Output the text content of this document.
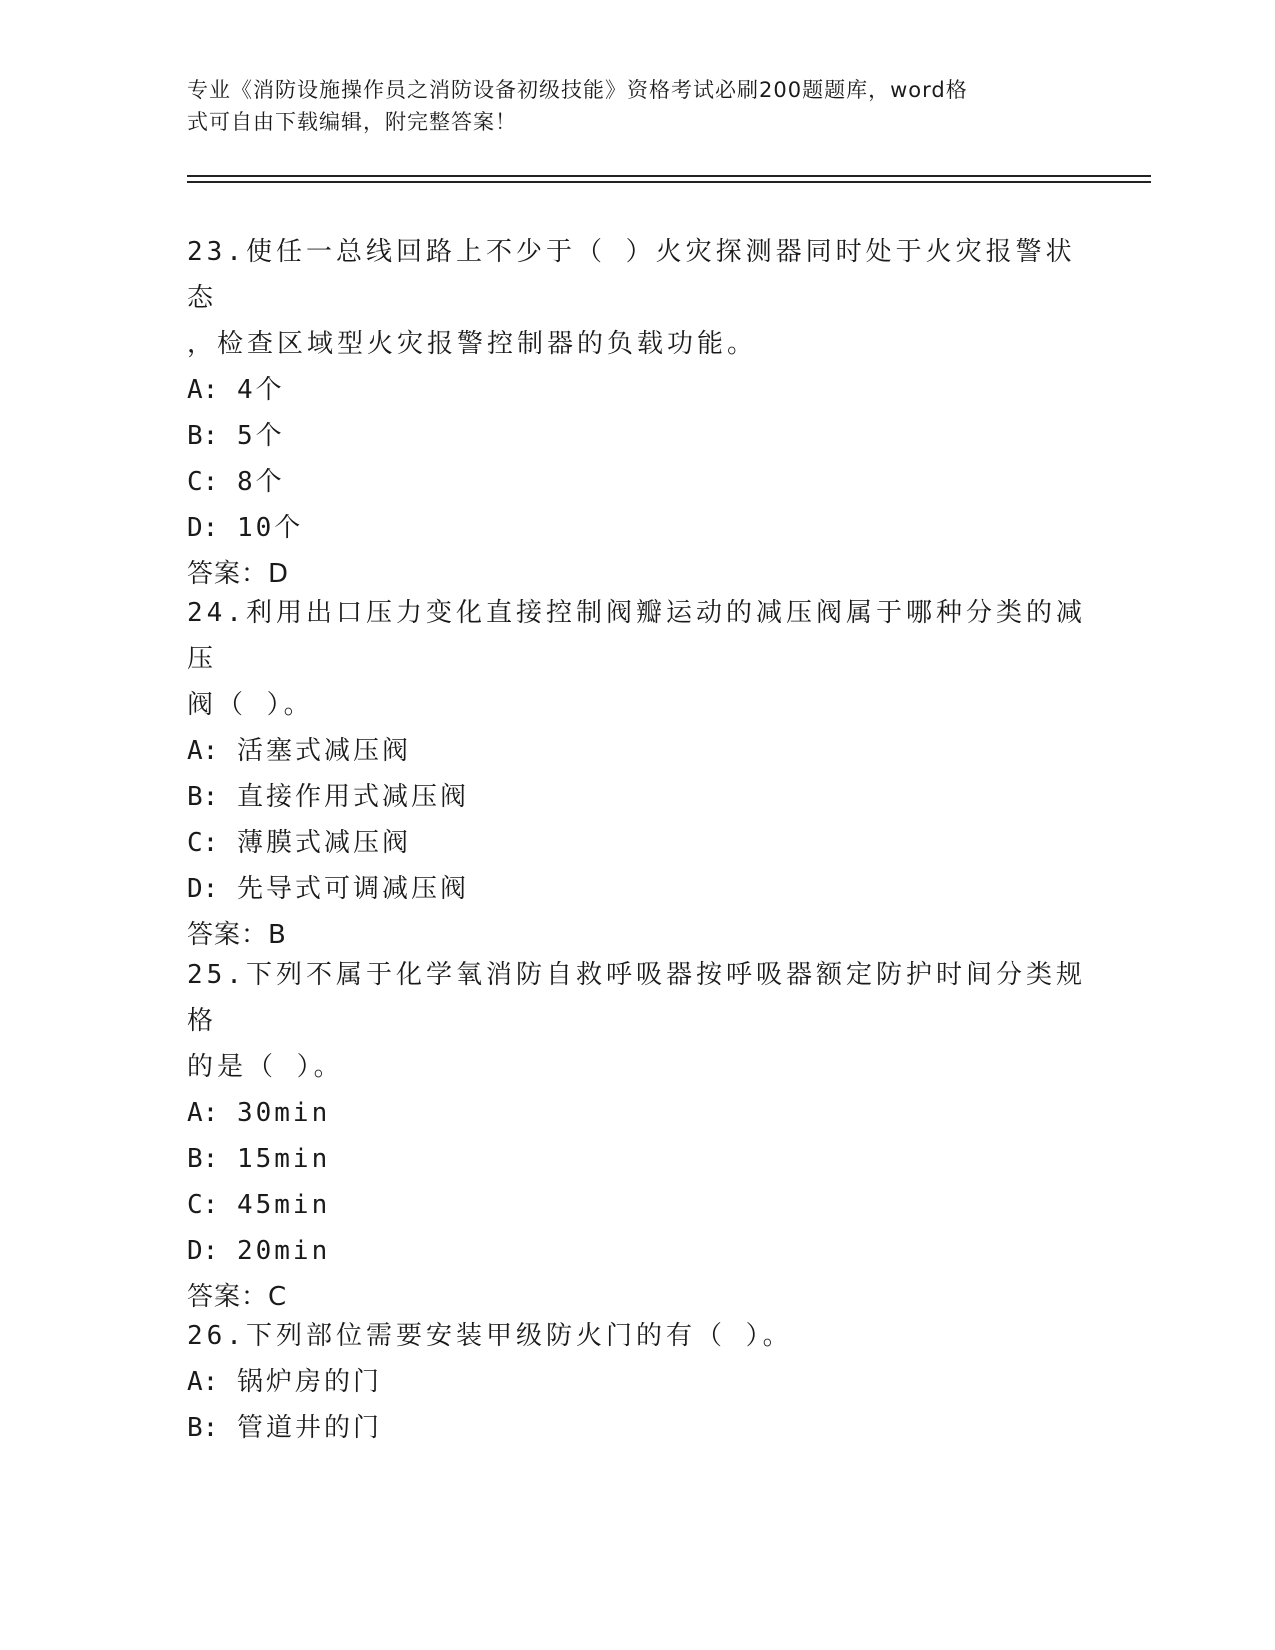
专业《消防设施操作员之消防设备初级技能》资格考试必刷200题题库，word格
式可自由下载编辑，附完整答案！

23.使任一总线回路上不少于（ ）火灾探测器同时处于火灾报警状态

，检查区域型火灾报警控制器的负载功能。

A: 4个

B: 5个

C: 8个

D: 10个

答案：D

24.利用出口压力变化直接控制阀瓣运动的减压阀属于哪种分类的减压

阀（ ）。

A: 活塞式减压阀

B: 直接作用式减压阀

C: 薄膜式减压阀

D: 先导式可调减压阀

答案：B

25.下列不属于化学氧消防自救呼吸器按呼吸器额定防护时间分类规格

的是（ ）。

A: 30min

B: 15min

C: 45min

D: 20min

答案：C

26.下列部位需要安装甲级防火门的有（ ）。

A: 锅炉房的门

B: 管道井的门
